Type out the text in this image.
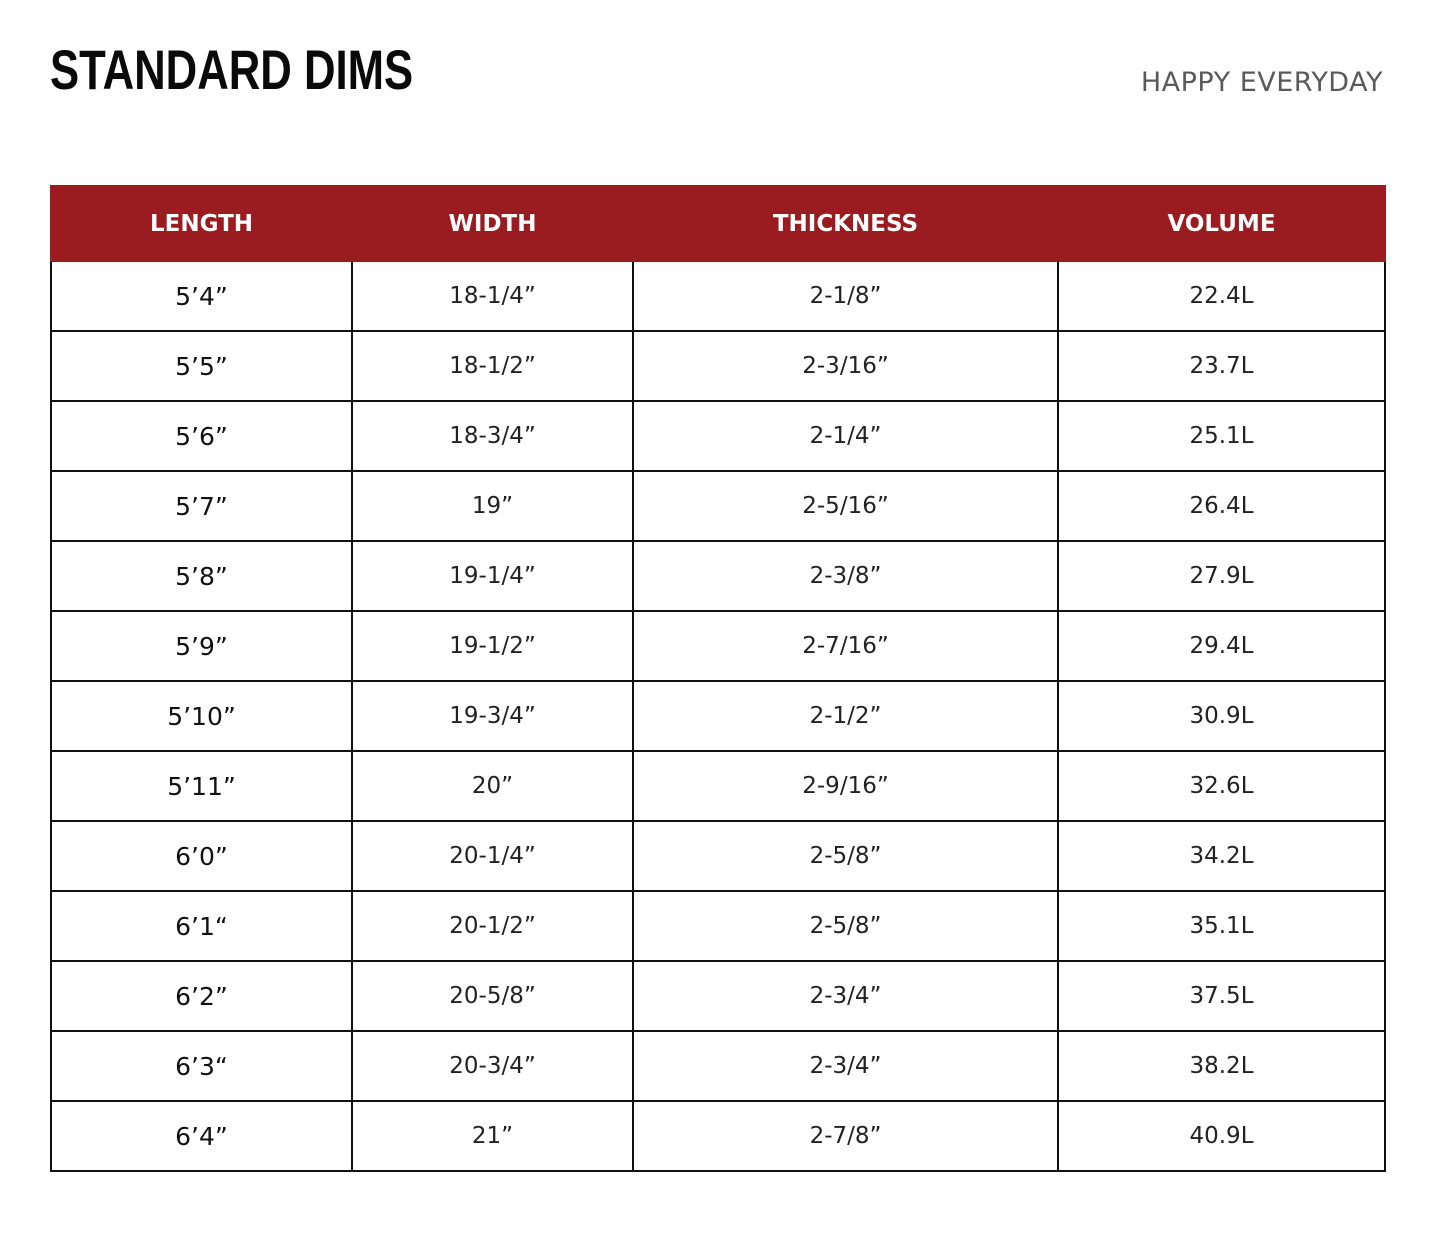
STANDARD DIMS	HAPPY EVERYDAY
LENGTH	WIDTH	THICKNESS	VOLUME
5’4”	18-1/4”	2-1/8”	22.4L
5’5”	18-1/2”	2-3/16”	23.7L
5’6”	18-3/4”	2-1/4”	25.1L
5’7”	19”	2-5/16”	26.4L
5’8”	19-1/4”	2-3/8”	27.9L
5’9”	19-1/2”	2-7/16”	29.4L
5’10”	19-3/4”	2-1/2”	30.9L
5’11”	20”	2-9/16”	32.6L
6’0”	20-1/4”	2-5/8”	34.2L
6’1“	20-1/2”	2-5/8”	35.1L
6’2”	20-5/8”	2-3/4”	37.5L
6’3“	20-3/4”	2-3/4”	38.2L
6’4”	21”	2-7/8”	40.9L
